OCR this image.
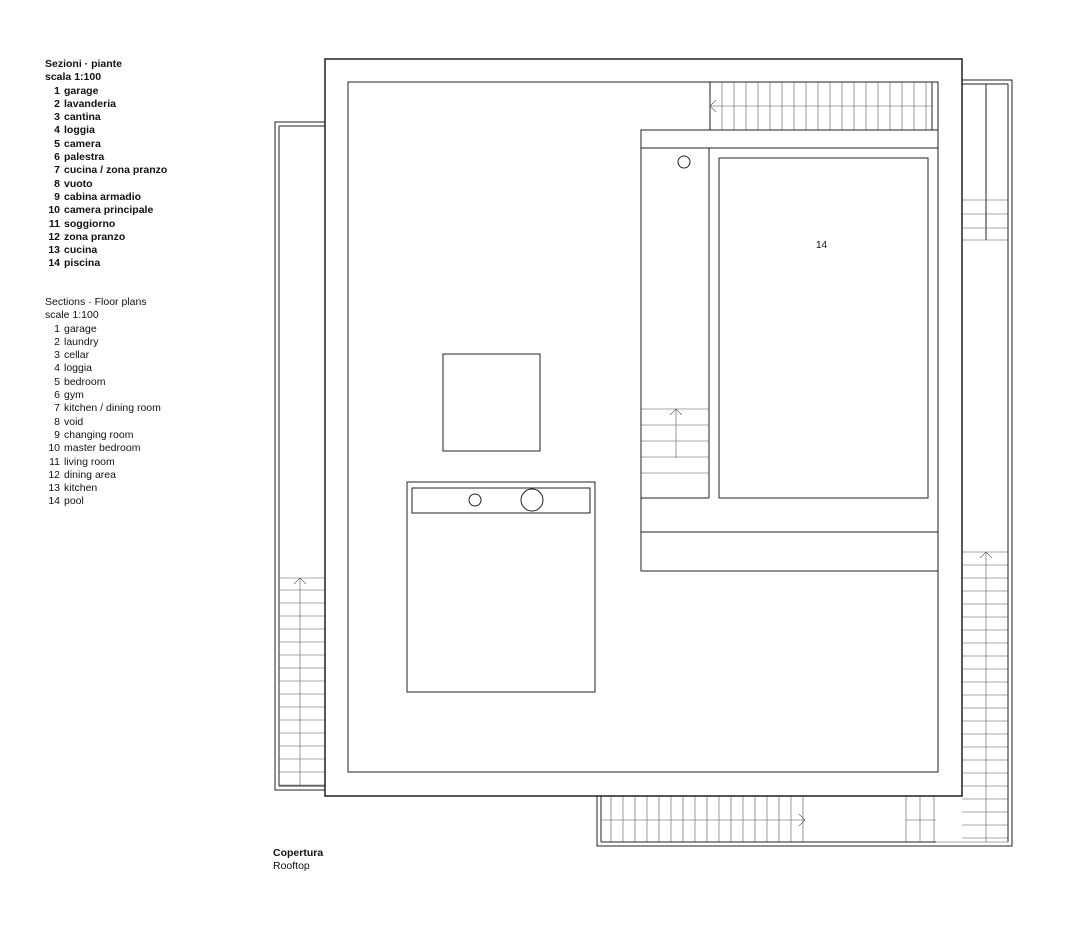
Sezioni · piante
scala 1:100
1 garage
2 lavanderia
3 cantina
4 loggia
5 camera
6 palestra
7 cucina / zona pranzo
8 vuoto
9 cabina armadio
10 camera principale
11 soggiorno
12 zona pranzo
13 cucina
14 piscina
Sections · Floor plans
scale 1:100
1 garage
2 laundry
3 cellar
4 loggia
5 bedroom
6 gym
7 kitchen / dining room
8 void
9 changing room
10 master bedroom
11 living room
12 dining area
13 kitchen
14 pool
14
Copertura
Rooftop
